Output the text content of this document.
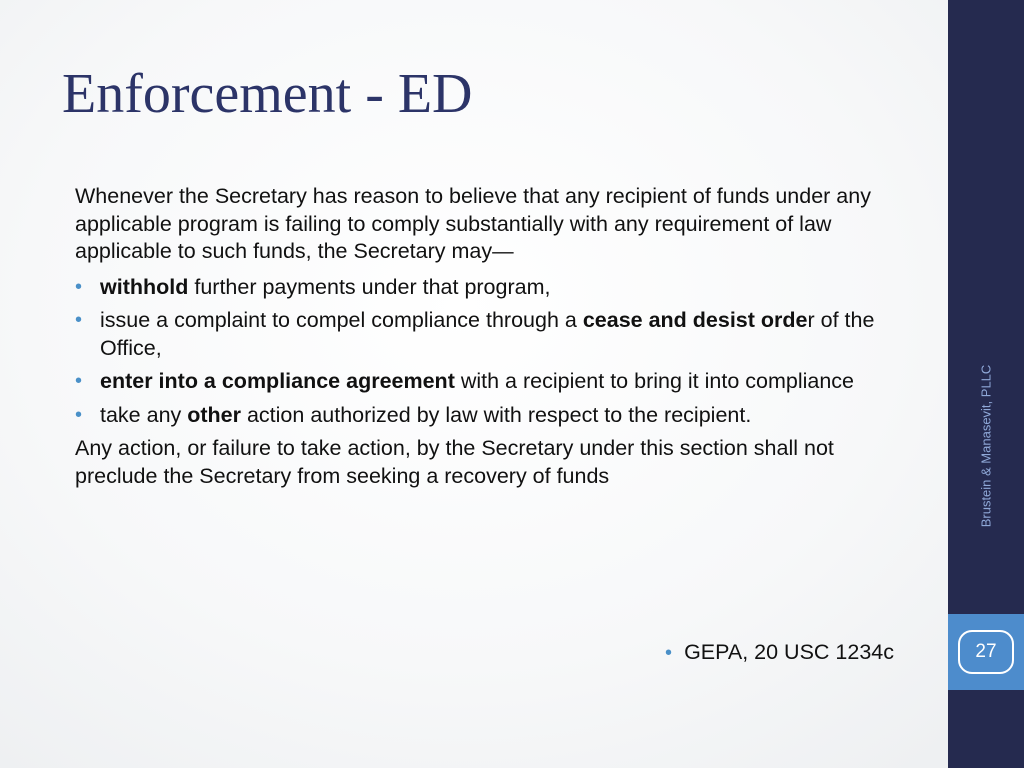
Enforcement - ED

Whenever the Secretary has reason to believe that any recipient of funds under any applicable program is failing to comply substantially with any requirement of law applicable to such funds, the Secretary may—

• withhold further payments under that program,
• issue a complaint to compel compliance through a cease and desist order of the Office,
• enter into a compliance agreement with a recipient to bring it into compliance
• take any other action authorized by law with respect to the recipient.

Any action, or failure to take action, by the Secretary under this section shall not preclude the Secretary from seeking a recovery of funds

• GEPA, 20 USC 1234c
Brustein & Manasevit, PLLC
27
